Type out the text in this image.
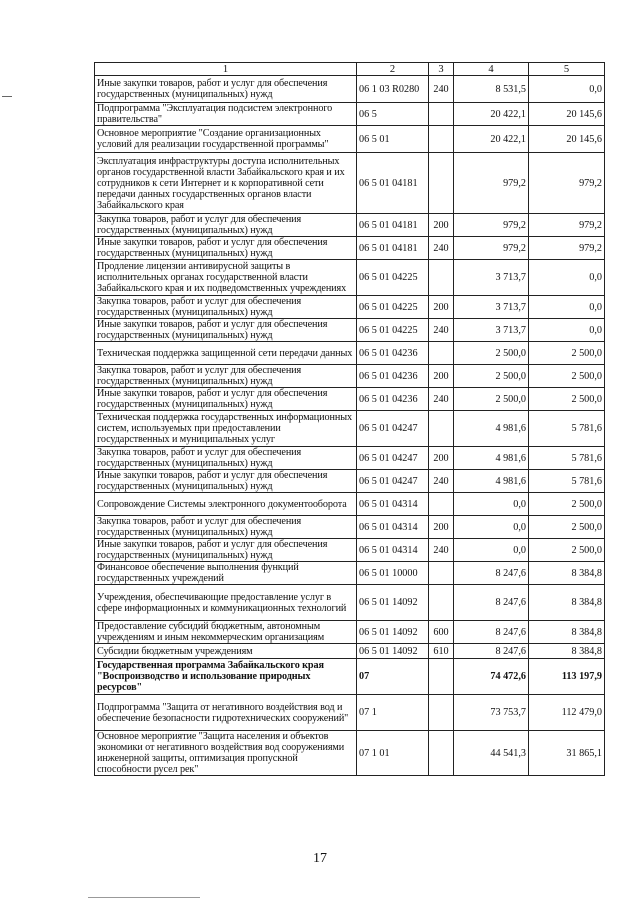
1	2	3	4	5
Иные закупки товаров, работ и услуг для обеспечения государственных (муниципальных) нужд	06 1 03 R0280	240	8 531,5	0,0
Подпрограмма "Эксплуатация подсистем электронного правительства"	06 5		20 422,1	20 145,6
Основное мероприятие "Создание организационных условий для реализации государственной программы"	06 5 01		20 422,1	20 145,6
Эксплуатация инфраструктуры доступа исполнительных органов государственной власти Забайкальского края и их сотрудников к сети Интернет и к корпоративной сети передачи данных государственных органов власти Забайкальского края	06 5 01 04181		979,2	979,2
Закупка товаров, работ и услуг для обеспечения государственных (муниципальных) нужд	06 5 01 04181	200	979,2	979,2
Иные закупки товаров, работ и услуг для обеспечения государственных (муниципальных) нужд	06 5 01 04181	240	979,2	979,2
Продление лицензии антивирусной защиты в исполнительных органах государственной власти Забайкальского края и их подведомственных учреждениях	06 5 01 04225		3 713,7	0,0
Закупка товаров, работ и услуг для обеспечения государственных (муниципальных) нужд	06 5 01 04225	200	3 713,7	0,0
Иные закупки товаров, работ и услуг для обеспечения государственных (муниципальных) нужд	06 5 01 04225	240	3 713,7	0,0
Техническая поддержка защищенной сети передачи данных	06 5 01 04236		2 500,0	2 500,0
Закупка товаров, работ и услуг для обеспечения государственных (муниципальных) нужд	06 5 01 04236	200	2 500,0	2 500,0
Иные закупки товаров, работ и услуг для обеспечения государственных (муниципальных) нужд	06 5 01 04236	240	2 500,0	2 500,0
Техническая поддержка государственных информационных систем, используемых при предоставлении государственных и муниципальных услуг	06 5 01 04247		4 981,6	5 781,6
Закупка товаров, работ и услуг для обеспечения государственных (муниципальных) нужд	06 5 01 04247	200	4 981,6	5 781,6
Иные закупки товаров, работ и услуг для обеспечения государственных (муниципальных) нужд	06 5 01 04247	240	4 981,6	5 781,6
Сопровождение Системы электронного документооборота	06 5 01 04314		0,0	2 500,0
Закупка товаров, работ и услуг для обеспечения государственных (муниципальных) нужд	06 5 01 04314	200	0,0	2 500,0
Иные закупки товаров, работ и услуг для обеспечения государственных (муниципальных) нужд	06 5 01 04314	240	0,0	2 500,0
Финансовое обеспечение выполнения функций государственных учреждений	06 5 01 10000		8 247,6	8 384,8
Учреждения, обеспечивающие предоставление услуг в сфере информационных и коммуникационных технологий	06 5 01 14092		8 247,6	8 384,8
Предоставление субсидий бюджетным, автономным учреждениям и иным некоммерческим организациям	06 5 01 14092	600	8 247,6	8 384,8
Субсидии бюджетным учреждениям	06 5 01 14092	610	8 247,6	8 384,8
Государственная программа Забайкальского края "Воспроизводство и использование природных ресурсов"	07		74 472,6	113 197,9
Подпрограмма "Защита от негативного воздействия вод и обеспечение безопасности гидротехнических сооружений"	07 1		73 753,7	112 479,0
Основное мероприятие "Защита населения и объектов экономики от негативного воздействия вод сооружениями инженерной защиты, оптимизация пропускной способности русел рек"	07 1 01		44 541,3	31 865,1
17
